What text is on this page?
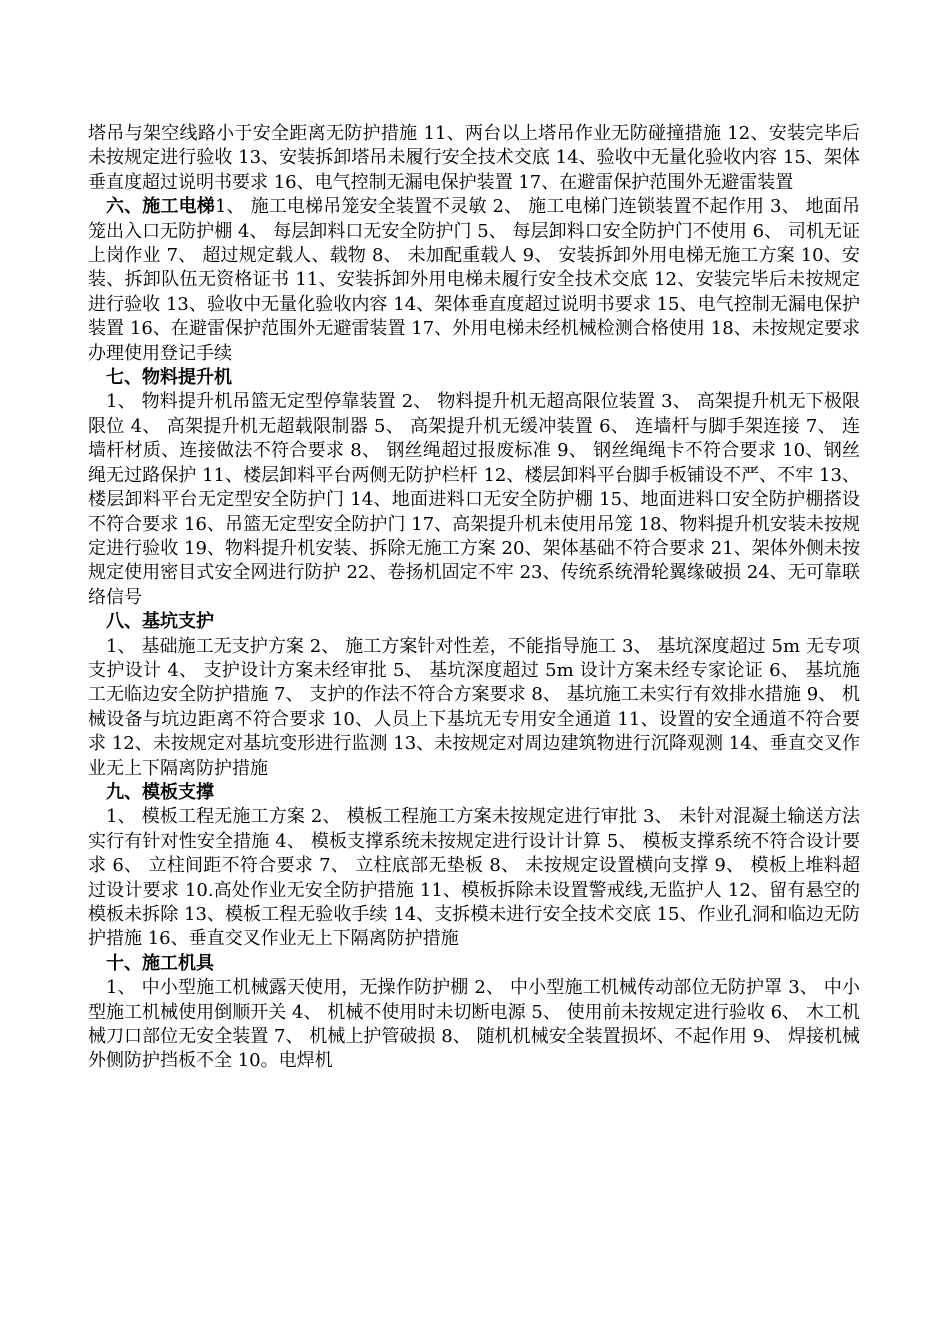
塔吊与架空线路小于安全距离无防护措施 11、两台以上塔吊作业无防碰撞措施 12、安装完毕后未按规定进行验收 13、安装拆卸塔吊未履行安全技术交底 14、验收中无量化验收内容 15、架体垂直度超过说明书要求 16、电气控制无漏电保护装置 17、在避雷保护范围外无避雷装置

六、施工电梯1、 施工电梯吊笼安全装置不灵敏 2、 施工电梯门连锁装置不起作用 3、 地面吊笼出入口无防护棚 4、 每层卸料口无安全防护门 5、 每层卸料口安全防护门不使用 6、 司机无证上岗作业 7、 超过规定载人、载物 8、 未加配重载人 9、 安装拆卸外用电梯无施工方案 10、安装、拆卸队伍无资格证书 11、安装拆卸外用电梯未履行安全技术交底 12、安装完毕后未按规定进行验收 13、验收中无量化验收内容 14、架体垂直度超过说明书要求 15、电气控制无漏电保护装置 16、在避雷保护范围外无避雷装置 17、外用电梯未经机械检测合格使用 18、未按规定要求办理使用登记手续

七、物料提升机

1、 物料提升机吊篮无定型停靠装置 2、 物料提升机无超高限位装置 3、 高架提升机无下极限限位 4、 高架提升机无超载限制器 5、 高架提升机无缓冲装置 6、 连墙杆与脚手架连接 7、 连墙杆材质、连接做法不符合要求 8、 钢丝绳超过报废标准 9、 钢丝绳绳卡不符合要求 10、钢丝绳无过路保护 11、楼层卸料平台两侧无防护栏杆 12、楼层卸料平台脚手板铺设不严、不牢 13、楼层卸料平台无定型安全防护门 14、地面进料口无安全防护棚 15、地面进料口安全防护棚搭设不符合要求 16、吊篮无定型安全防护门 17、高架提升机未使用吊笼 18、物料提升机安装未按规定进行验收 19、物料提升机安装、拆除无施工方案 20、架体基础不符合要求 21、架体外侧未按规定使用密目式安全网进行防护 22、卷扬机固定不牢 23、传统系统滑轮翼缘破损 24、无可靠联络信号

八、基坑支护

1、 基础施工无支护方案 2、 施工方案针对性差，不能指导施工 3、 基坑深度超过 5m 无专项支护设计 4、 支护设计方案未经审批 5、 基坑深度超过 5m 设计方案未经专家论证 6、 基坑施工无临边安全防护措施 7、 支护的作法不符合方案要求 8、 基坑施工未实行有效排水措施 9、 机械设备与坑边距离不符合要求 10、人员上下基坑无专用安全通道 11、设置的安全通道不符合要求 12、未按规定对基坑变形进行监测 13、未按规定对周边建筑物进行沉降观测 14、垂直交叉作业无上下隔离防护措施

九、模板支撑

1、 模板工程无施工方案 2、 模板工程施工方案未按规定进行审批 3、 未针对混凝土输送方法实行有针对性安全措施 4、 模板支撑系统未按规定进行设计计算 5、 模板支撑系统不符合设计要求 6、 立柱间距不符合要求 7、 立柱底部无垫板 8、 未按规定设置横向支撑 9、 模板上堆料超过设计要求 10.高处作业无安全防护措施 11、模板拆除未设置警戒线,无监护人 12、留有悬空的模板未拆除 13、模板工程无验收手续 14、支拆模未进行安全技术交底 15、作业孔洞和临边无防护措施 16、垂直交叉作业无上下隔离防护措施

十、施工机具

1、 中小型施工机械露天使用，无操作防护棚 2、 中小型施工机械传动部位无防护罩 3、 中小型施工机械使用倒顺开关 4、 机械不使用时未切断电源 5、 使用前未按规定进行验收 6、 木工机械刀口部位无安全装置 7、 机械上护管破损 8、 随机机械安全装置损坏、不起作用 9、 焊接机械外侧防护挡板不全 10。电焊机
